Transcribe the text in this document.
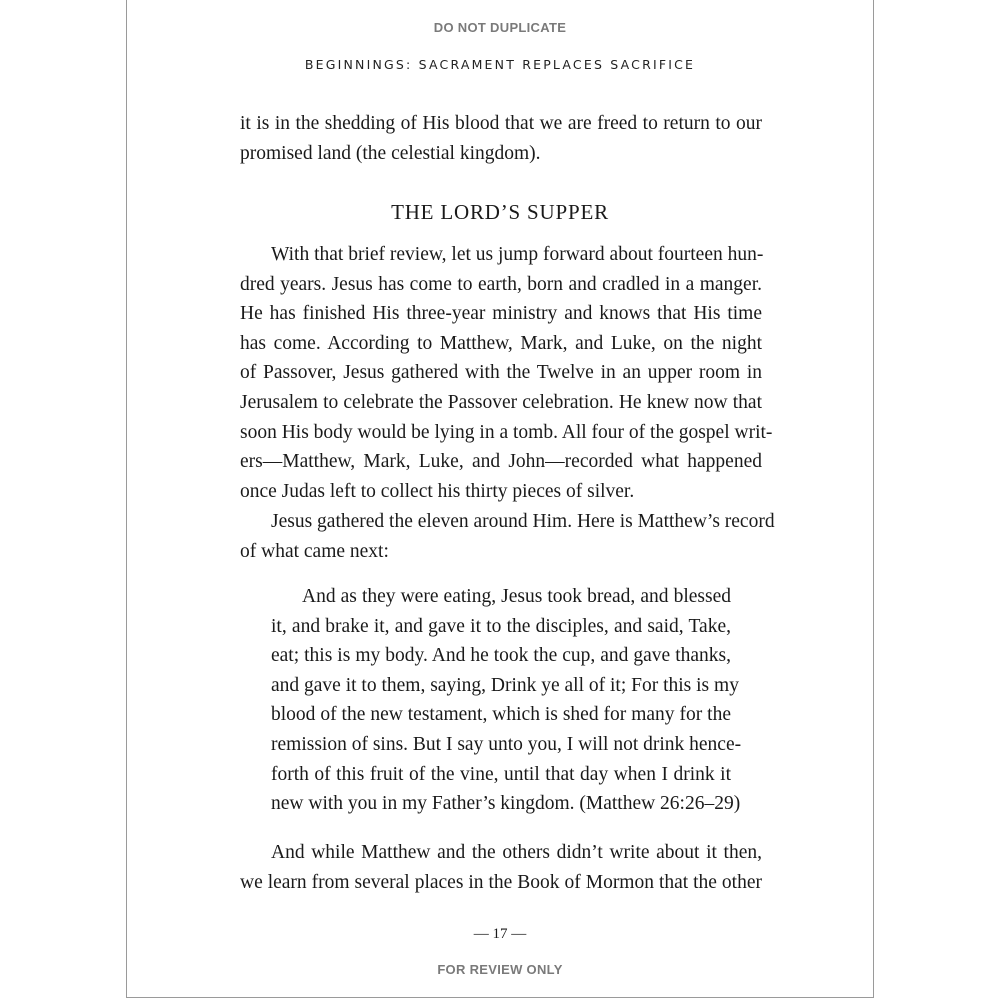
DO NOT DUPLICATE
BEGINNINGS: SACRAMENT REPLACES SACRIFICE

it is in the shedding of His blood that we are freed to return to our
promised land (the celestial kingdom).

THE LORD’S SUPPER

With that brief review, let us jump forward about fourteen hun-
dred years. Jesus has come to earth, born and cradled in a manger.
He has finished His three-year ministry and knows that His time
has come. According to Matthew, Mark, and Luke, on the night
of Passover, Jesus gathered with the Twelve in an upper room in
Jerusalem to celebrate the Passover celebration. He knew now that
soon His body would be lying in a tomb. All four of the gospel writ-
ers—Matthew, Mark, Luke, and John—recorded what happened
once Judas left to collect his thirty pieces of silver.

Jesus gathered the eleven around Him. Here is Matthew’s record
of what came next:

And as they were eating, Jesus took bread, and blessed
it, and brake it, and gave it to the disciples, and said, Take,
eat; this is my body. And he took the cup, and gave thanks,
and gave it to them, saying, Drink ye all of it; For this is my
blood of the new testament, which is shed for many for the
remission of sins. But I say unto you, I will not drink hence-
forth of this fruit of the vine, until that day when I drink it
new with you in my Father’s kingdom. (Matthew 26:26–29)

And while Matthew and the others didn’t write about it then,
we learn from several places in the Book of Mormon that the other

— 17 —
FOR REVIEW ONLY
